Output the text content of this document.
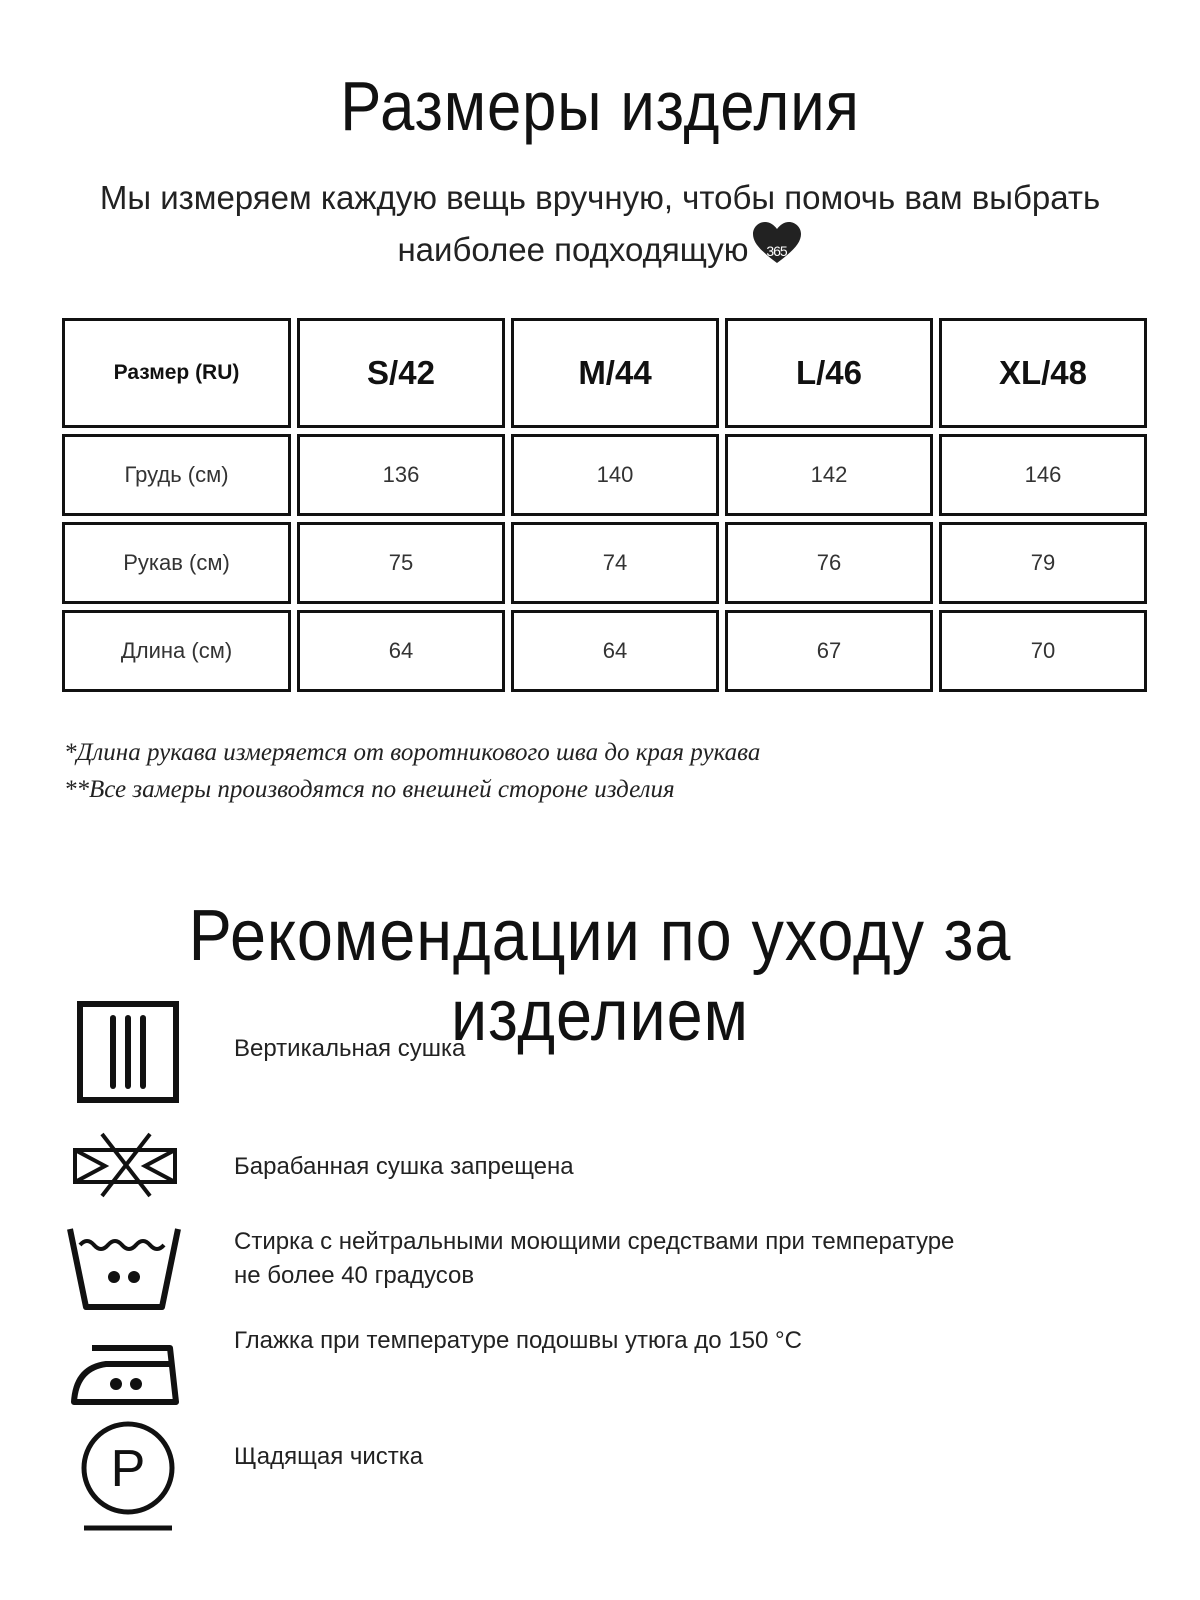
Размеры изделия
Мы измеряем каждую вещь вручную, чтобы помочь вам выбрать
наиболее подходящую	365
Размер (RU)	S/42	M/44	L/46	XL/48
Грудь (см)	136	140	142	146
Рукав (см)	75	74	76	79
Длина (см)	64	64	67	70
*Длина рукава измеряется от воротникового шва до края рукава
**Все замеры производятся по внешней стороне изделия
Рекомендации по уходу за изделием
Вертикальная сушка
Барабанная сушка запрещена
Стирка с нейтральными моющими средствами при температуре
не более 40 градусов
Глажка при температуре подошвы утюга до 150 °C
P	Щадящая чистка
